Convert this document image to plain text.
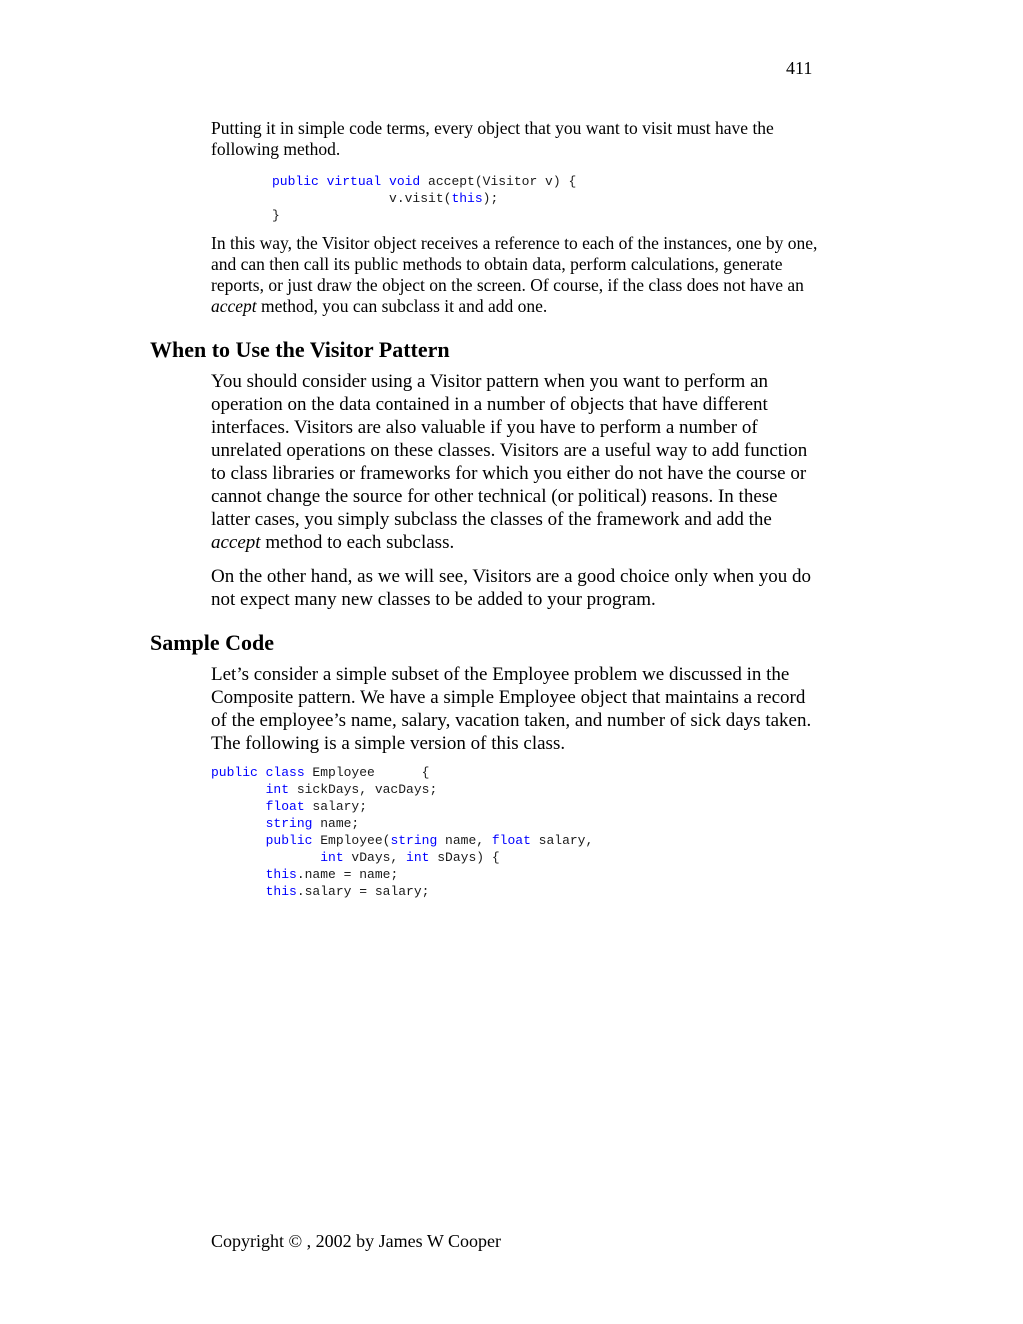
411

Putting it in simple code terms, every object that you want to visit must have the following method.

public virtual void accept(Visitor v) {
v.visit(this);
}

In this way, the Visitor object receives a reference to each of the instances, one by one, and can then call its public methods to obtain data, perform calculations, generate reports, or just draw the object on the screen. Of course, if the class does not have an accept method, you can subclass it and add one.

When to Use the Visitor Pattern

You should consider using a Visitor pattern when you want to perform an operation on the data contained in a number of objects that have different interfaces. Visitors are also valuable if you have to perform a number of unrelated operations on these classes. Visitors are a useful way to add function to class libraries or frameworks for which you either do not have the course or cannot change the source for other technical (or political) reasons. In these latter cases, you simply subclass the classes of the framework and add the accept method to each subclass.

On the other hand, as we will see, Visitors are a good choice only when you do not expect many new classes to be added to your program.

Sample Code

Let’s consider a simple subset of the Employee problem we discussed in the Composite pattern. We have a simple Employee object that maintains a record of the employee’s name, salary, vacation taken, and number of sick days taken. The following is a simple version of this class.

public class Employee      {
int sickDays, vacDays;
float salary;
string name;
public Employee(string name, float salary,
int vDays, int sDays) {
this.name = name;
this.salary = salary;
Copyright © , 2002 by James W Cooper
